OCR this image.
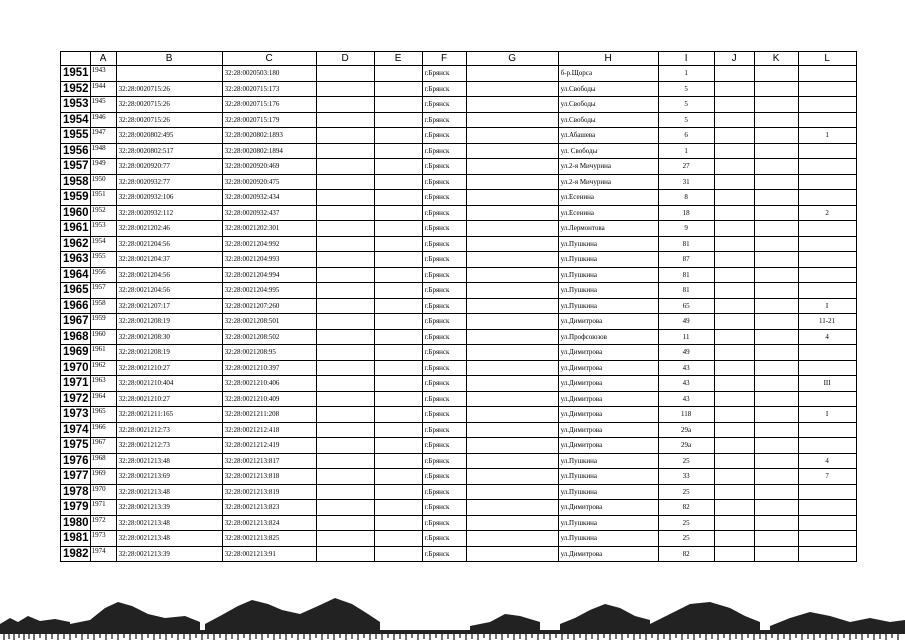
	A	B	C	D	E	F	G	H	I	J	K	L
1951	1943		32:28:0020503:180			г.Брянск		б-р.Щорса	1			
1952	1944	32:28:0020715:26	32:28:0020715:173			г.Брянск		ул.Свободы	5			
1953	1945	32:28:0020715:26	32:28:0020715:176			г.Брянск		ул.Свободы	5			
1954	1946	32:28:0020715:26	32:28:0020715:179			г.Брянск		ул.Свободы	5			
1955	1947	32:28:0020802:495	32:28:0020802:1893			г.Брянск		ул.Абашева	6			1
1956	1948	32:28:0020802:517	32:28:0020802:1894			г.Брянск		ул. Свободы	1			
1957	1949	32:28:0020920:77	32:28:0020920:469			г.Брянск		ул.2-я Мичурина	27			
1958	1950	32:28:0020932:77	32:28:0020920:475			г.Брянск		ул.2-я Мичурина	31			
1959	1951	32:28:0020932:106	32:28:0020932:434			г.Брянск		ул.Есенина	8			
1960	1952	32:28:0020932:112	32:28:0020932:437			г.Брянск		ул.Есенина	18			2
1961	1953	32:28:0021202:46	32:28:0021202:301			г.Брянск		ул.Лермонтова	9			
1962	1954	32:28:0021204:56	32:28:0021204:992			г.Брянск		ул.Пушкина	81			
1963	1955	32:28:0021204:37	32:28:0021204:993			г.Брянск		ул.Пушкина	87			
1964	1956	32:28:0021204:56	32:28:0021204:994			г.Брянск		ул.Пушкина	81			
1965	1957	32:28:0021204:56	32:28:0021204:995			г.Брянск		ул.Пушкина	81			
1966	1958	32:28:0021207:17	32:28:0021207:260			г.Брянск		ул.Пушкина	65			I
1967	1959	32:28:0021208:19	32:28:0021208:501			г.Брянск		ул.Димитрова	49			11-21
1968	1960	32:28:0021208:30	32:28:0021208:502			г.Брянск		ул.Профсоюзов	11			4
1969	1961	32:28:0021208:19	32:28:0021208:95			г.Брянск		ул.Димитрова	49			
1970	1962	32:28:0021210:27	32:28:0021210:397			г.Брянск		ул.Димитрова	43			
1971	1963	32:28:0021210:404	32:28:0021210:406			г.Брянск		ул.Димитрова	43			III
1972	1964	32:28:0021210:27	32:28:0021210:409			г.Брянск		ул.Димитрова	43			
1973	1965	32:28:0021211:165	32:28:0021211:208			г.Брянск		ул.Димитрова	118			I
1974	1966	32:28:0021212:73	32:28:0021212:418			г.Брянск		ул.Димитрова	29а			
1975	1967	32:28:0021212:73	32:28:0021212:419			г.Брянск		ул.Димитрова	29а			
1976	1968	32:28:0021213:48	32:28:0021213:817			г.Брянск		ул.Пушкина	25			4
1977	1969	32:28:0021213:69	32:28:0021213:818			г.Брянск		ул.Пушкина	33			7
1978	1970	32:28:0021213:48	32:28:0021213:819			г.Брянск		ул.Пушкина	25			
1979	1971	32:28:0021213:39	32:28:0021213:823			г.Брянск		ул.Димитрова	82			
1980	1972	32:28:0021213:48	32:28:0021213:824			г.Брянск		ул.Пушкина	25			
1981	1973	32:28:0021213:48	32:28:0021213:825			г.Брянск		ул.Пушкина	25			
1982	1974	32:28:0021213:39	32:28:0021213:91			г.Брянск		ул.Димитрова	82			
